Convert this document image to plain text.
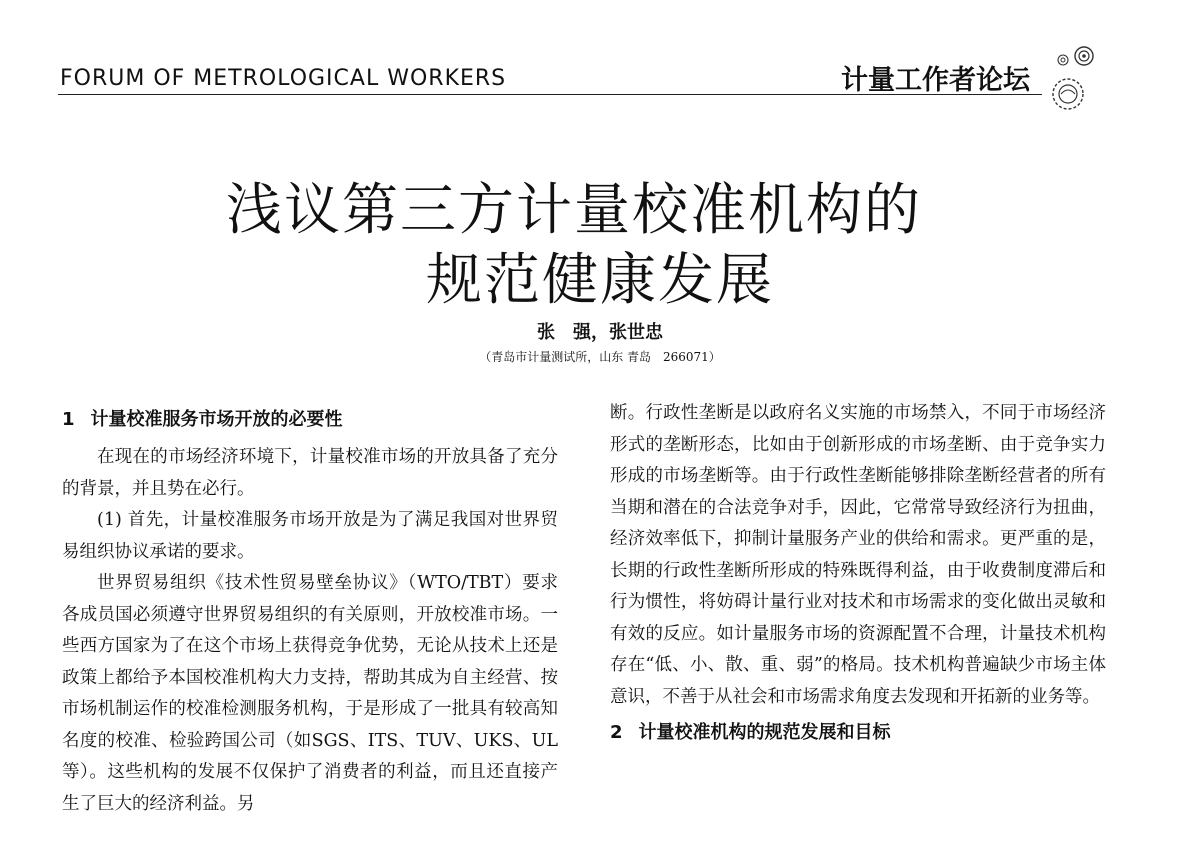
FORUM OF METROLOGICAL WORKERS	计量工作者论坛
浅议第三方计量校准机构的
规范健康发展
张　强，张世忠
（青岛市计量测试所，山东 青岛　266071）
1 计量校准服务市场开放的必要性

在现在的市场经济环境下，计量校准市场的开放具备了充分的背景，并且势在必行。

(1) 首先，计量校准服务市场开放是为了满足我国对世界贸易组织协议承诺的要求。

世界贸易组织《技术性贸易壁垒协议》（WTO/TBT）要求各成员国必须遵守世界贸易组织的有关原则，开放校准市场。一些西方国家为了在这个市场上获得竞争优势，无论从技术上还是政策上都给予本国校准机构大力支持，帮助其成为自主经营、按市场机制运作的校准检测服务机构，于是形成了一批具有较高知名度的校准、检验跨国公司（如SGS、ITS、TUV、UKS、UL等）。这些机构的发展不仅保护了消费者的利益，而且还直接产生了巨大的经济利益。另

断。行政性垄断是以政府名义实施的市场禁入，不同于市场经济形式的垄断形态，比如由于创新形成的市场垄断、由于竞争实力形成的市场垄断等。由于行政性垄断能够排除垄断经营者的所有当期和潜在的合法竞争对手，因此，它常常导致经济行为扭曲，经济效率低下，抑制计量服务产业的供给和需求。更严重的是，长期的行政性垄断所形成的特殊既得利益，由于收费制度滞后和行为惯性，将妨碍计量行业对技术和市场需求的变化做出灵敏和有效的反应。如计量服务市场的资源配置不合理，计量技术机构存在“低、小、散、重、弱”的格局。技术机构普遍缺少市场主体意识，不善于从社会和市场需求角度去发现和开拓新的业务等。

2 计量校准机构的规范发展和目标
